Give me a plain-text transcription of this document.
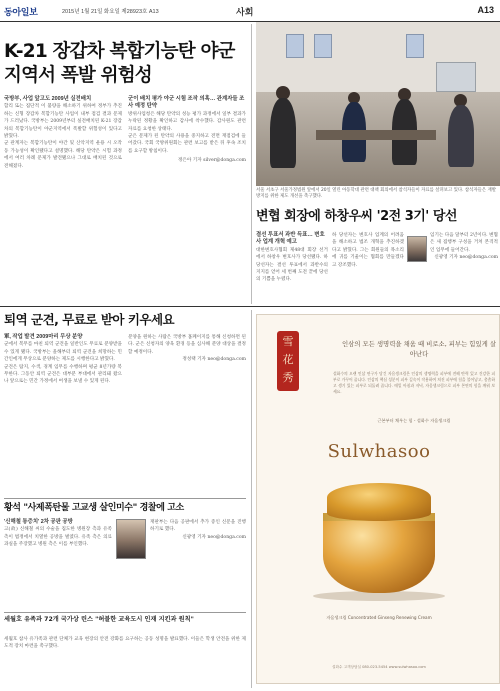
동아일보	2015년 1월 21일 화요일 제28923호 A13	사회	A13
K-21 장갑차 복합기능탄 야군지역서 폭발 위험성
국방부, 사업 앞고도 2009년 실전배치

합리 또는 집단적 이 불량을 해소하기 위하여 정부가 추진하는 신형 장갑차 복합기능탄 사업이 내부 점검 결과 문제가 드러났다. 국방부는 2009년부터 실전배치된 K-21 장갑차의 복합기능탄이 야군지역에서 폭발할 위험성이 있다고 밝혔다.

군 관계자는 복합기능탄이 야간 및 산악지역 운용 시 오작동 가능성이 확인됐다고 설명했다. 해당 탄약은 시험 과정에서 여러 차례 문제가 발견됐으나 그대로 배치된 것으로 전해졌다.

군이 배치 평가 야군 시험 조작 의혹… 관계자들 조사 예정 탄약

방위사업청은 해당 탄약의 성능 평가 과정에서 일부 결과가 누락된 정황을 확인하고 감사에 착수했다. 감사원도 관련 자료를 요청한 상태다.

군은 문제가 된 탄약의 사용을 중지하고 전면 재점검에 들어갔다. 국회 국방위원회는 관련 보고를 받은 뒤 후속 조치를 요구할 방침이다.

정은아 기자 silver@donga.com

서울 서초구 서울가정법원 앞에서 20일 열린 아동학대 관련 대책 회의에서 참석자들이 자료를 살펴보고 있다. 참석자들은 재발 방지를 위한 제도 개선을 촉구했다.
변협 회장에 하창우씨 '2전 3기' 당선
결선 투표서 과반 득표… 변호사 업계 개혁 예고

대한변호사협회 제48대 회장 선거에서 하창우 변호사가 당선됐다. 하 당선자는 결선 투표에서 과반수의 지지를 얻어 세 번째 도전 끝에 당선의 기쁨을 누렸다.

하 당선자는 변호사 업계의 어려움을 해소하고 법조 개혁을 추진하겠다고 밝혔다. 그는 회원들의 목소리에 귀를 기울이는 협회를 만들겠다고 강조했다.

임기는 다음 달부터 2년이다. 변협은 새 집행부 구성을 거쳐 본격적인 업무에 들어간다.

신광영 기자 neo@donga.com

퇴역 군견, 무료로 받아 키우세요
軍, 작업 발견 2009마리 무상 분양

군에서 복무를 마친 퇴역 군견을 일반인도 무료로 분양받을 수 있게 됐다. 국방부는 올해부터 퇴역 군견을 희망하는 민간인에게 무상으로 분양하는 제도를 시행한다고 밝혔다.

군견은 탐지, 수색, 경계 임무를 수행하며 평균 8년가량 복무한다. 그동안 퇴역 군견은 대부분 부대에서 관리돼 왔으나 앞으로는 민간 가정에서 여생을 보낼 수 있게 된다.

분양을 원하는 사람은 국방부 홈페이지를 통해 신청하면 된다. 군은 신청자의 양육 환경 등을 심사해 분양 대상을 결정할 예정이다.

정성택 기자 neo@donga.com

황석 "사제폭탄물 고교생 살인미수" 경찰에 고소
'신해철 통증치' 2차 공판 공방

고(故) 신해철 씨의 수술을 집도한 병원장 측과 유족 측이 법정에서 치열한 공방을 벌였다. 유족 측은 의료 과실을 주장했고 병원 측은 이를 부인했다.

재판부는 다음 공판에서 추가 증인 신문을 진행하기로 했다.

신광영 기자 neo@donga.com

세월호 유족과 72개 국가상 린스 "허블한 교육도시 인재 지킨과 원칙"

세월호 참사 유가족과 관련 단체가 교육 현장의 안전 강화를 요구하는 공동 성명을 발표했다. 이들은 학생 안전을 위한 제도적 장치 마련을 촉구했다.

雪
花
秀
인삼의 모든 생명력을 채움 때 비로소, 피부는 힘있게 살아난다
설화수의 오랜 인삼 연구가 담긴 자음생크림은 인삼의 생명력을 피부에 전해 탄력 있고 건강한 피부로 가꾸어 줍니다. 인삼의 핵심 성분이 피부 깊숙이 작용하여 처진 피부에 힘을 불어넣고, 촘촘하고 생기 있는 피부로 되돌려 줍니다. 매일 아침과 저녁, 자음생크림으로 피부 본연의 힘을 깨워 보세요.
근본부터 채우는 힘 - 설화수 자음생크림
Sulwhasoo
자음생크림 Concentrated Ginseng Renewing Cream
설화수 고객상담실 080-023-5454 www.sulwhasoo.com
